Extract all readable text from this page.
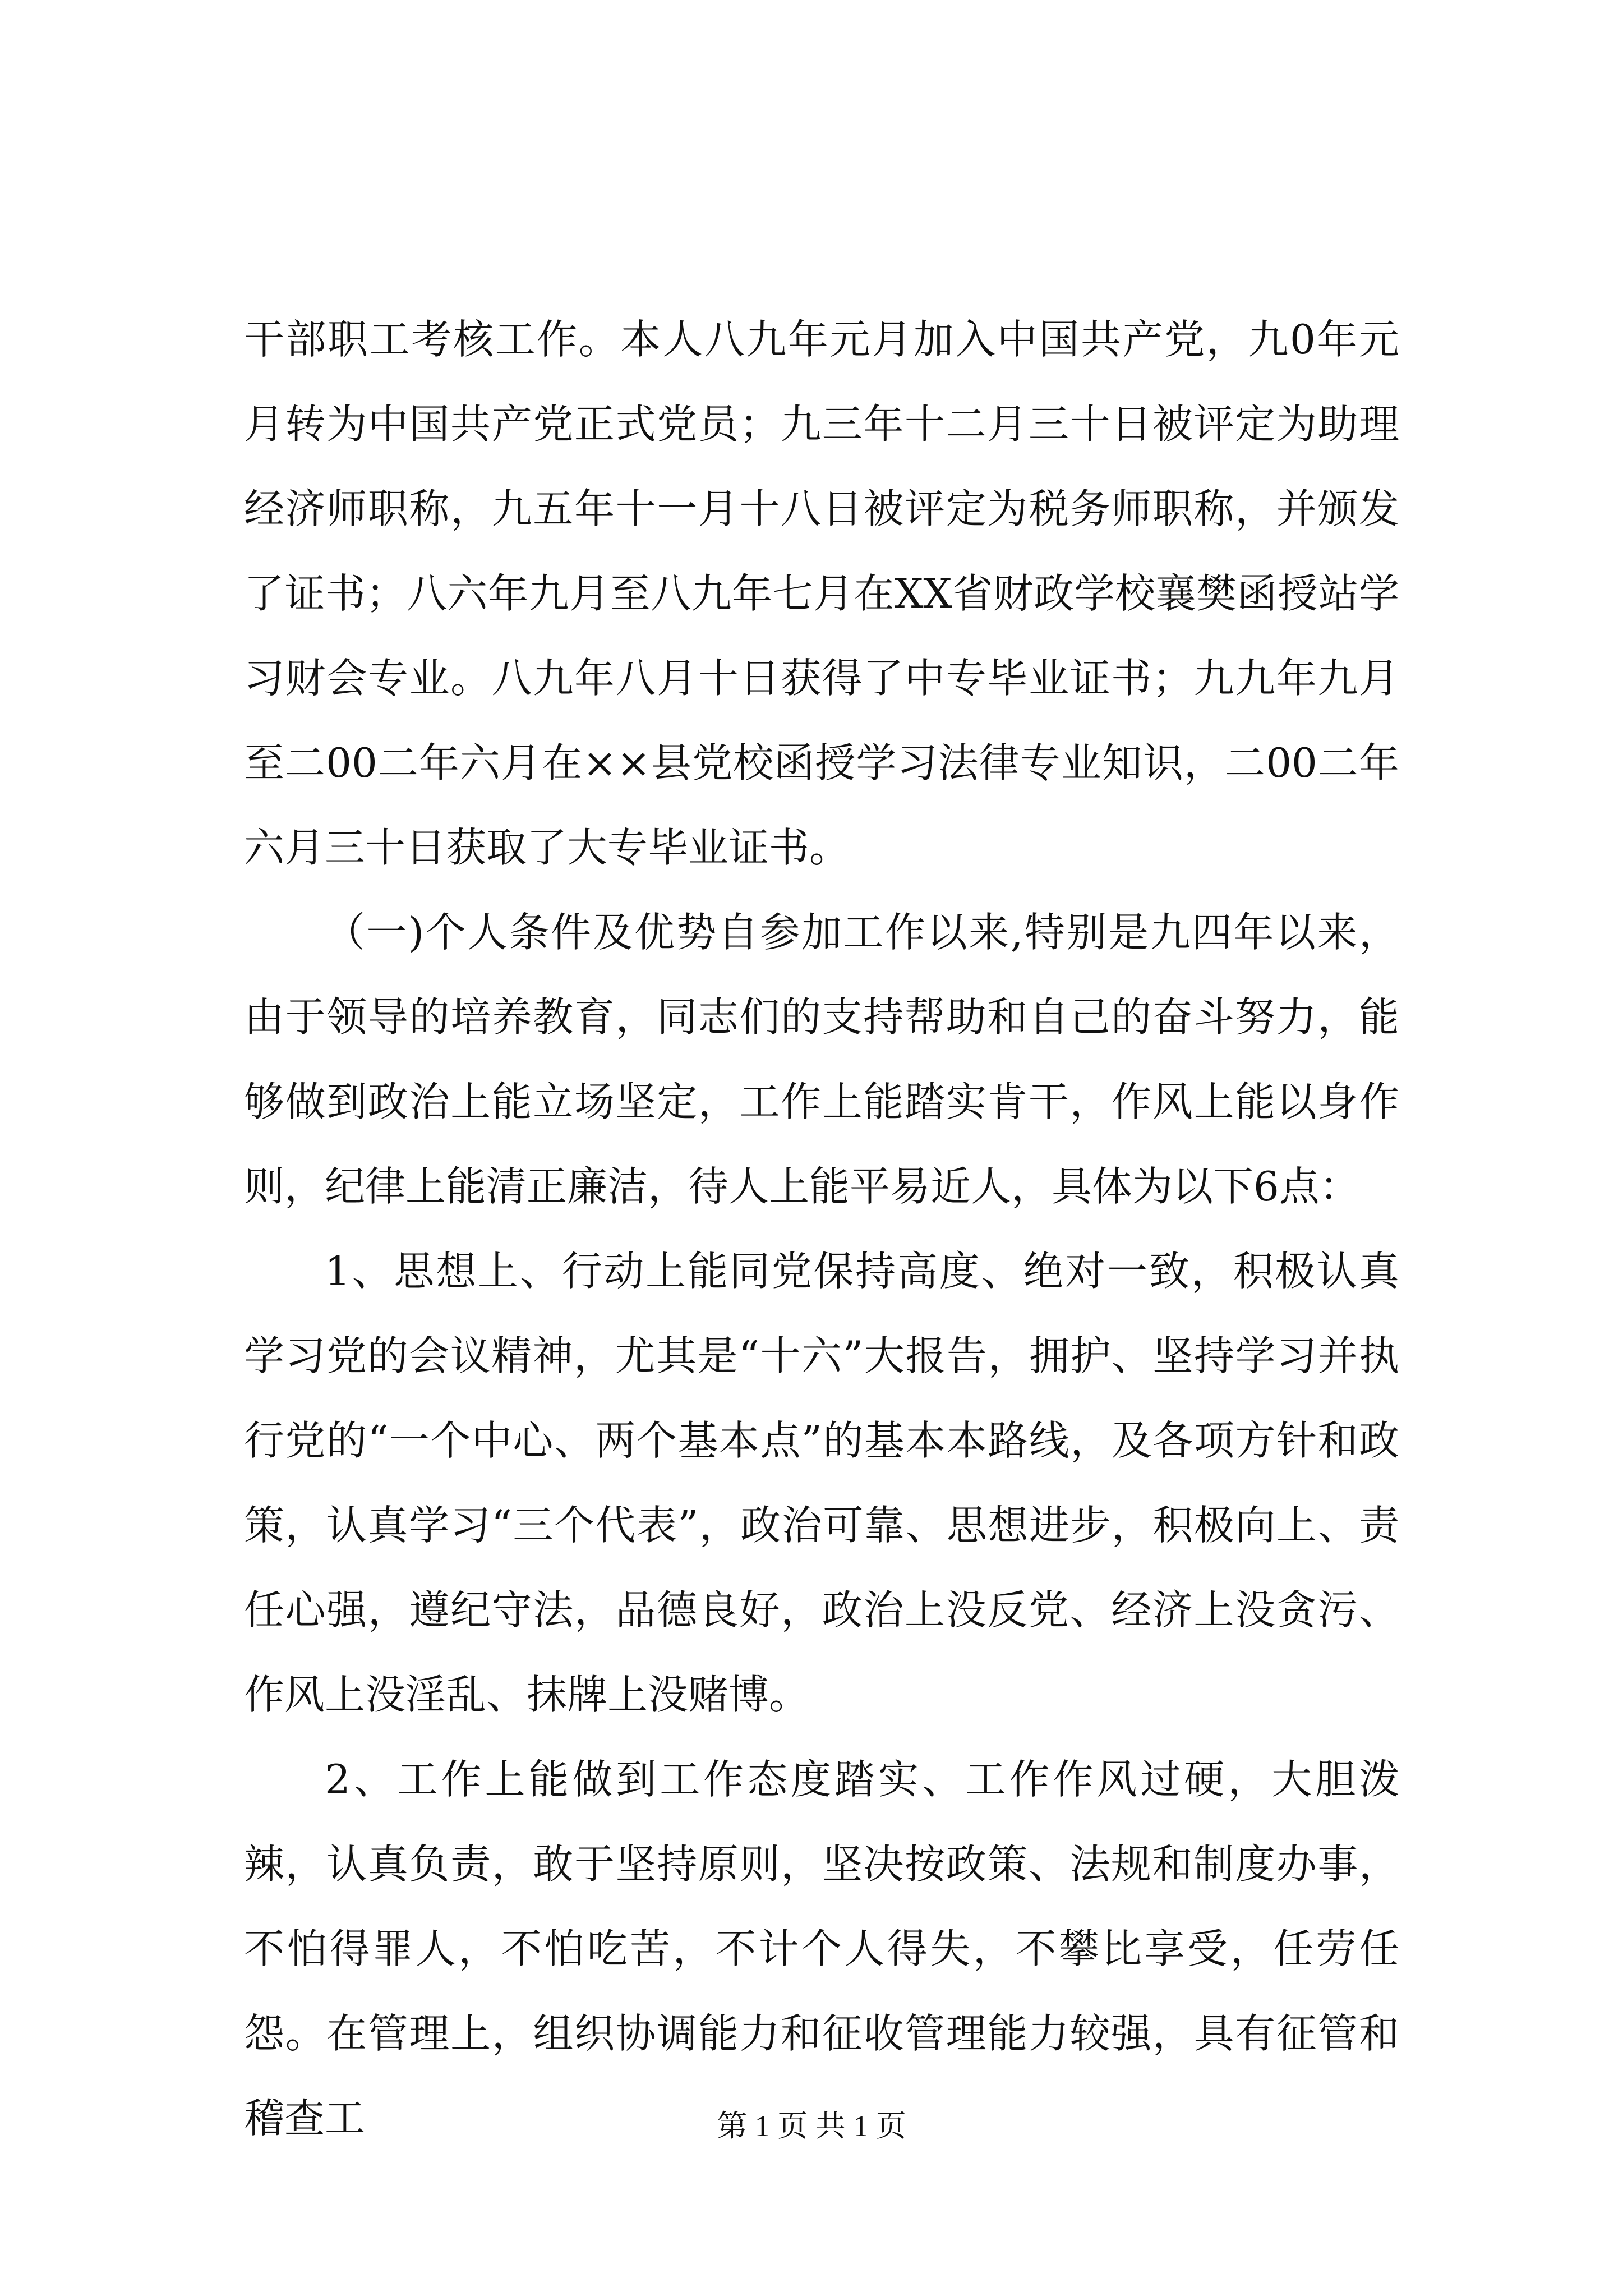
干部职工考核工作。本人八九年元月加入中国共产党，九0年元月转为中国共产党正式党员；九三年十二月三十日被评定为助理经济师职称，九五年十一月十八日被评定为税务师职称，并颁发了证书；八六年九月至八九年七月在XX省财政学校襄樊函授站学习财会专业。八九年八月十日获得了中专毕业证书；九九年九月至二00二年六月在××县党校函授学习法律专业知识，二00二年六月三十日获取了大专毕业证书。

（一)个人条件及优势自参加工作以来,特别是九四年以来，由于领导的培养教育，同志们的支持帮助和自己的奋斗努力，能够做到政治上能立场坚定，工作上能踏实肯干，作风上能以身作则，纪律上能清正廉洁，待人上能平易近人，具体为以下6点：

1、思想上、行动上能同党保持高度、绝对一致，积极认真学习党的会议精神，尤其是“十六”大报告，拥护、坚持学习并执行党的“一个中心、两个基本点”的基本本路线，及各项方针和政策，认真学习“三个代表”，政治可靠、思想进步，积极向上、责任心强，遵纪守法，品德良好，政治上没反党、经济上没贪污、作风上没淫乱、抹牌上没赌博。

2、工作上能做到工作态度踏实、工作作风过硬，大胆泼辣，认真负责，敢于坚持原则，坚决按政策、法规和制度办事，不怕得罪人，不怕吃苦，不计个人得失，不攀比享受，任劳任怨。在管理上，组织协调能力和征收管理能力较强，具有征管和稽查工	第 1 页 共 1 页
